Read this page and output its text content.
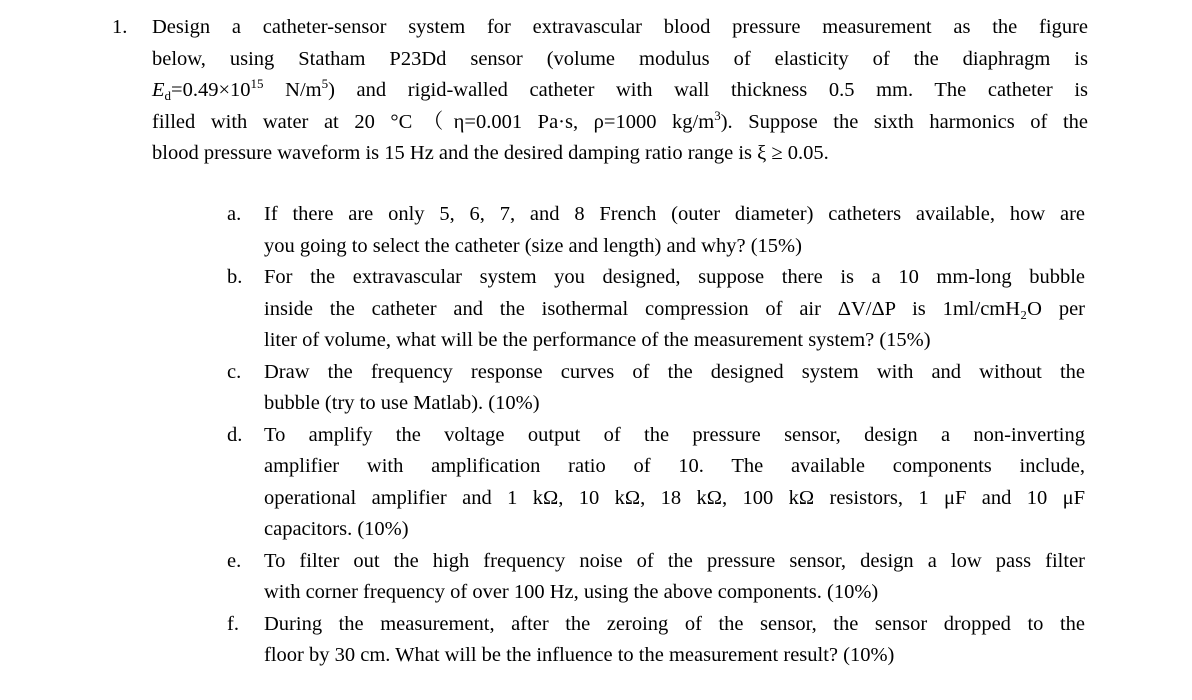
1.	Design a catheter-sensor system for extravascular blood pressure measurement as the figure
below, using Statham P23Dd sensor (volume modulus of elasticity of the diaphragm is
$E_d=0.49\times 10^{15}$ $N/m^5$) and rigid-walled catheter with wall thickness 0.5 mm. The catheter is
filled with water at 20 °C（η=0.001 Pa·s, ρ=1000 $kg/m^3$). Suppose the sixth harmonics of the
blood pressure waveform is 15 Hz and the desired damping ratio range is ξ ≥ 0.05.
a.	If there are only 5, 6, 7, and 8 French (outer diameter) catheters available, how are
you going to select the catheter (size and length) and why? (15%)
b.	For the extravascular system you designed, suppose there is a 10 mm-long bubble
inside the catheter and the isothermal compression of air ΔV/ΔP is 1ml/cmH₂O per
liter of volume, what will be the performance of the measurement system? (15%)
c.	Draw the frequency response curves of the designed system with and without the
bubble (try to use Matlab). (10%)
d.	To amplify the voltage output of the pressure sensor, design a non-inverting
amplifier with amplification ratio of 10. The available components include,
operational amplifier and 1 kΩ, 10 kΩ, 18 kΩ, 100 kΩ resistors, 1 μF and 10 μF
capacitors. (10%)
e.	To filter out the high frequency noise of the pressure sensor, design a low pass filter
with corner frequency of over 100 Hz, using the above components. (10%)
f.	During the measurement, after the zeroing of the sensor, the sensor dropped to the
floor by 30 cm. What will be the influence to the measurement result? (10%)
